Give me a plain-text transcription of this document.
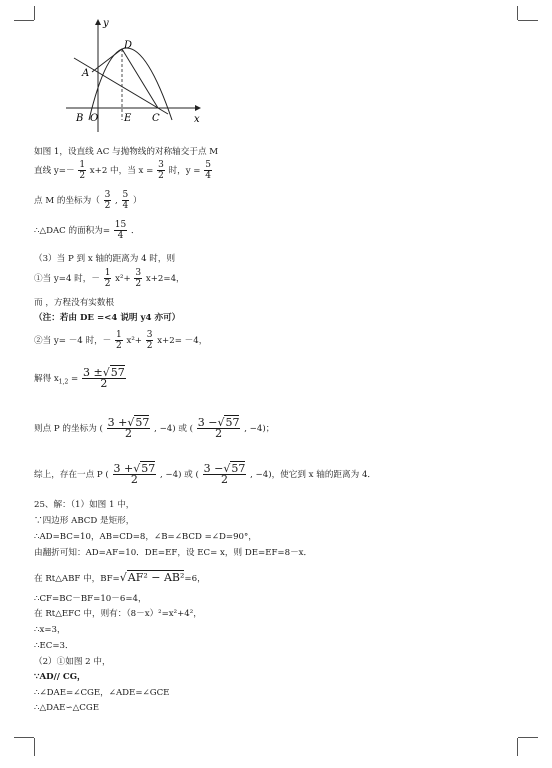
y
D
A
B O	E C	x
如图 1，设直线 AC 与抛物线的对称轴交于点 M
直线 $y=- \frac{1}{2} x+2$ 中，当 $x = \frac{3}{2}$ 时，$y = \frac{5}{4}$
点 M 的坐标为（ $\frac{3}{2}$ , $\frac{5}{4}$ ）
∴△DAC 的面积为= $\frac{15}{4}$ ．
（3）当 P 到 x 轴的距离为 4 时，则
①当 y=4 时，－ $\frac{1}{2} x^2+ \frac{3}{2} x+2=4$，
而 ，方程没有实数根
（注：若由 DE =<4 说明 y4 亦可）
②当 y= －4 时，－ $\frac{1}{2} x^2+ \frac{3}{2} x+2= -4$，
解得 $x_{1,2} = \frac{3 \pm√57}{2}$
则点 P 的坐标为 ( $\frac{3 +√57}{2}$ , −4) 或 ( $\frac{3 -√57}{2}$ , −4)；
综上，存在一点 P ( $\frac{3 +√57}{2}$ , −4) 或 ( $\frac{3 -√57}{2}$ , −4)，使它到 x 轴的距离为 4．
25、解：（1）如图 1 中，
∵四边形 ABCD 是矩形，
∴AD=BC=10，AB=CD=8，∠B=∠BCD =∠D=90°，
由翻折可知：AD=AF=10．DE=EF，设 EC= x，则 DE=EF=8－x．
在 Rt△ABF 中，BF=√AF² − AB²=6，
∴CF=BC－BF=10－6=4，
在 Rt△EFC 中，则有：（8－x）²=x²+4²，
∴x=3，
∴EC=3．
（2）①如图 2 中，
∵AD// CG，
∴∠DAE=∠CGE，∠ADE=∠GCE
∴△DAE∽△CGE
